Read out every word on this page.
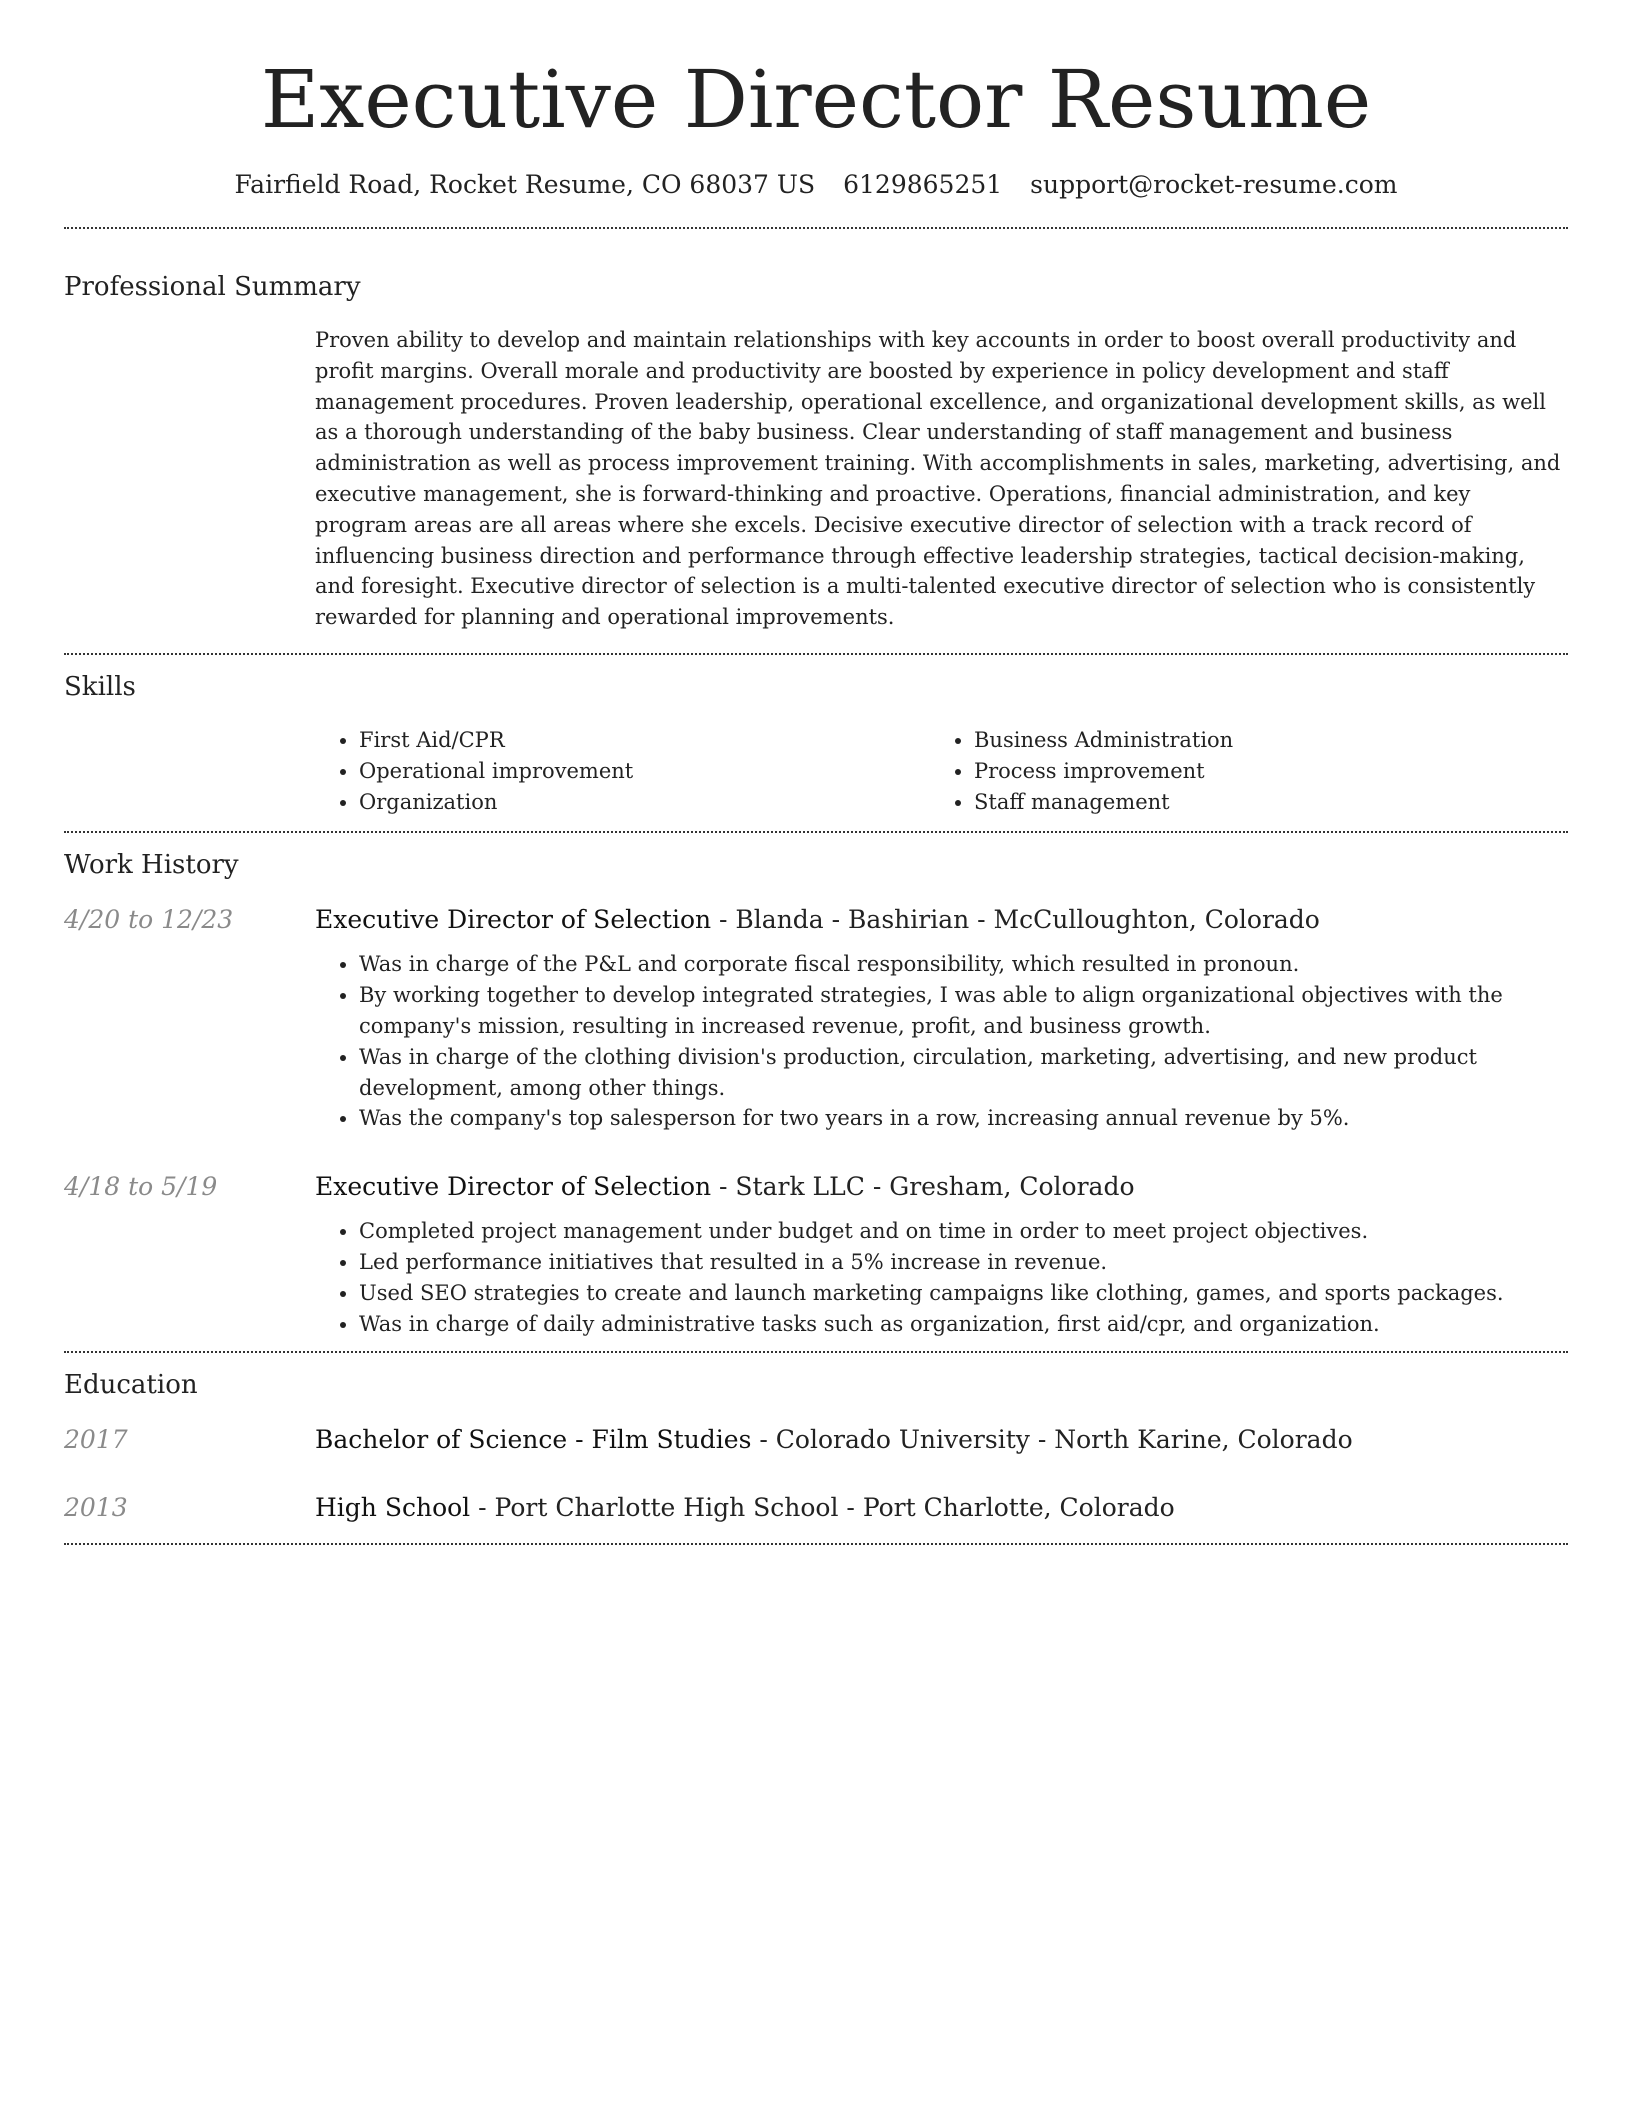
Executive Director Resume
Fairfield Road, Rocket Resume, CO 68037 US 6129865251 support@rocket-resume.com
Professional Summary

Proven ability to develop and maintain relationships with key accounts in order to boost overall productivity and profit margins. Overall morale and productivity are boosted by experience in policy development and staff management procedures. Proven leadership, operational excellence, and organizational development skills, as well as a thorough understanding of the baby business. Clear understanding of staff management and business administration as well as process improvement training. With accomplishments in sales, marketing, advertising, and executive management, she is forward-thinking and proactive. Operations, financial administration, and key program areas are all areas where she excels. Decisive executive director of selection with a track record of influencing business direction and performance through effective leadership strategies, tactical decision-making, and foresight. Executive director of selection is a multi-talented executive director of selection who is consistently rewarded for planning and operational improvements.

Skills
• First Aid/CPR
• Operational improvement
• Organization
• Business Administration
• Process improvement
• Staff management
Work History
4/20 to 12/23	Executive Director of Selection - Blanda - Bashirian - McCulloughton, Colorado
• Was in charge of the P&L and corporate fiscal responsibility, which resulted in pronoun.
• By working together to develop integrated strategies, I was able to align organizational objectives with the company's mission, resulting in increased revenue, profit, and business growth.
• Was in charge of the clothing division's production, circulation, marketing, advertising, and new product development, among other things.
• Was the company's top salesperson for two years in a row, increasing annual revenue by 5%.
4/18 to 5/19	Executive Director of Selection - Stark LLC - Gresham, Colorado
• Completed project management under budget and on time in order to meet project objectives.
• Led performance initiatives that resulted in a 5% increase in revenue.
• Used SEO strategies to create and launch marketing campaigns like clothing, games, and sports packages.
• Was in charge of daily administrative tasks such as organization, first aid/cpr, and organization.
Education
2017	Bachelor of Science - Film Studies - Colorado University - North Karine, Colorado
2013	High School - Port Charlotte High School - Port Charlotte, Colorado
